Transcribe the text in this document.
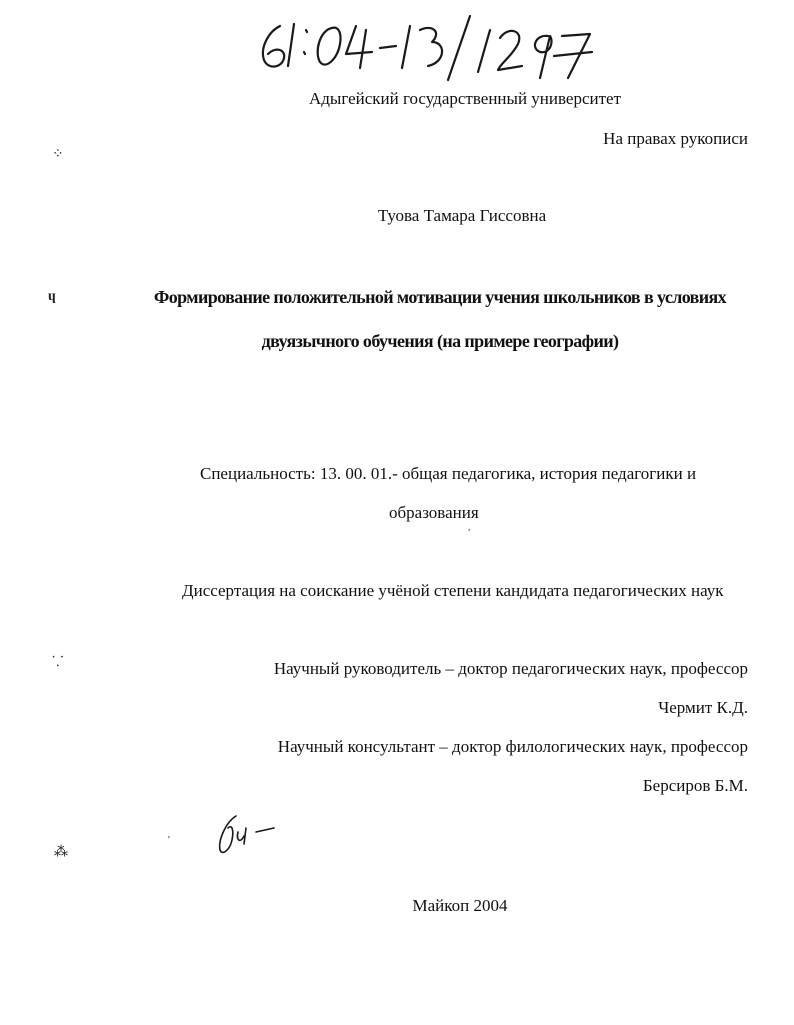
Адыгейский государственный университет
На правах рукописи
Туова Тамара Гиссовна
Формирование положительной мотивации учения школьников в условиях
двуязычного обучения (на примере географии)
Специальность: 13. 00. 01.- общая педагогика, история педагогики и
образования
Диссертация на соискание учёной степени кандидата педагогических наук
Научный руководитель – доктор педагогических наук, профессор
Чермит К.Д.
Научный консультант – доктор филологических наук, профессор
Берсиров Б.М.
Майкоп 2004
⁘
ɥ
⸪
⁂
'
,
